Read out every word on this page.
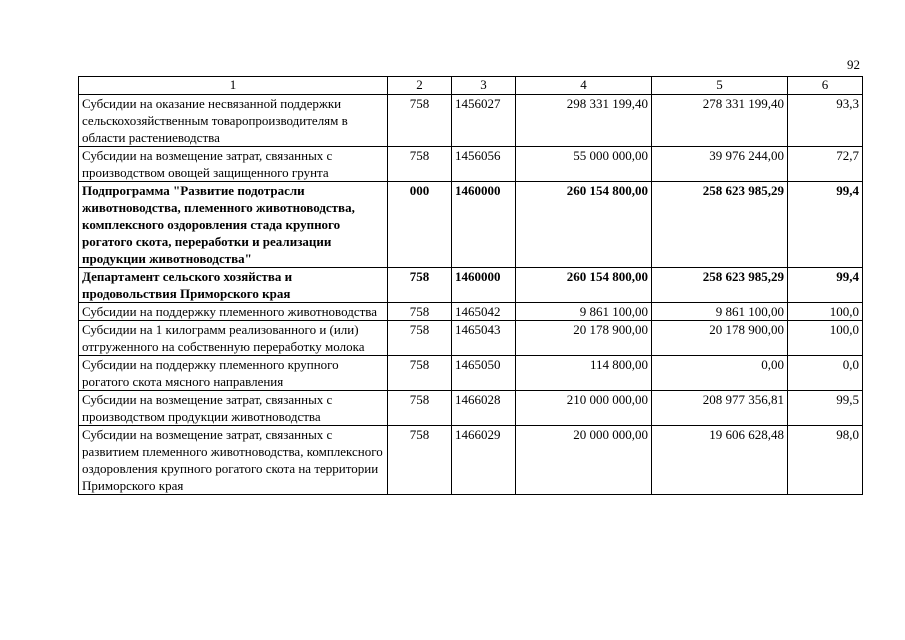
92
1	2	3	4	5	6
Субсидии на оказание несвязанной поддержки сельскохозяйственным товаропроизводителям в области растениеводства	758	1456027	298 331 199,40	278 331 199,40	93,3
Субсидии на возмещение затрат, связанных с производством овощей защищенного грунта	758	1456056	55 000 000,00	39 976 244,00	72,7
Подпрограмма "Развитие подотрасли животноводства, племенного животноводства, комплексного оздоровления стада крупного рогатого скота, переработки и реализации продукции животноводства"	000	1460000	260 154 800,00	258 623 985,29	99,4
Департамент сельского хозяйства и продовольствия Приморского края	758	1460000	260 154 800,00	258 623 985,29	99,4
Субсидии на поддержку племенного животноводства	758	1465042	9 861 100,00	9 861 100,00	100,0
Субсидии на 1 килограмм реализованного и (или) отгруженного на собственную переработку молока	758	1465043	20 178 900,00	20 178 900,00	100,0
Субсидии на поддержку племенного крупного рогатого скота мясного направления	758	1465050	114 800,00	0,00	0,0
Субсидии на возмещение затрат, связанных с производством продукции животноводства	758	1466028	210 000 000,00	208 977 356,81	99,5
Субсидии на возмещение затрат, связанных с развитием племенного животноводства, комплексного оздоровления крупного рогатого скота на территории Приморского края	758	1466029	20 000 000,00	19 606 628,48	98,0
